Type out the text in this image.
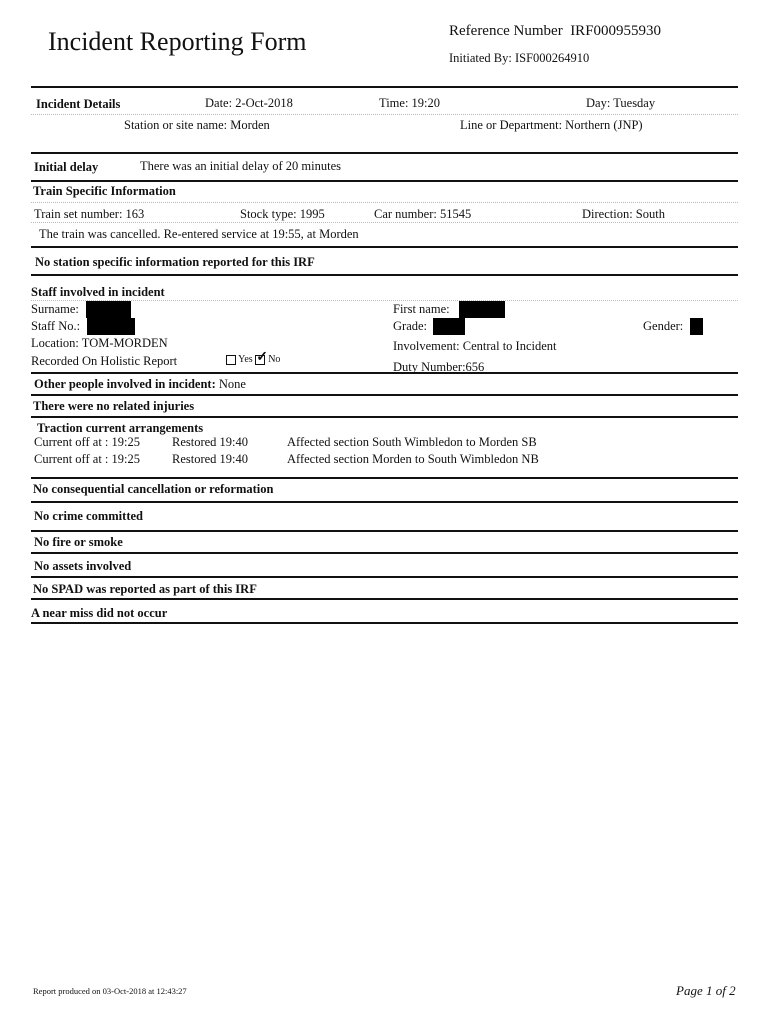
Incident Reporting Form	Reference Number IRF000955930
Initiated By: ISF000264910
Incident Details	Date: 2-Oct-2018	Time: 19:20	Day: Tuesday
Station or site name: Morden	Line or Department: Northern (JNP)
Initial delay	There was an initial delay of 20 minutes
Train Specific Information
Train set number: 163	Stock type: 1995	Car number: 51545	Direction: South
The train was cancelled. Re-entered service at 19:55, at Morden
No station specific information reported for this IRF
Staff involved in incident
Surname:	First name:
Staff No.:	Grade:	Gender:
Location: TOM-MORDEN	Involvement: Central to Incident
Recorded On Holistic Report	Yes ✓ No
Duty Number:656
Other people involved in incident: None
There were no related injuries
Traction current arrangements
Current off at : 19:25	Restored 19:40	Affected section South Wimbledon to Morden SB
Current off at : 19:25	Restored 19:40	Affected section Morden to South Wimbledon NB
No consequential cancellation or reformation
No crime committed
No fire or smoke
No assets involved
No SPAD was reported as part of this IRF
A near miss did not occur
Report produced on 03-Oct-2018 at 12:43:27	Page 1 of 2
